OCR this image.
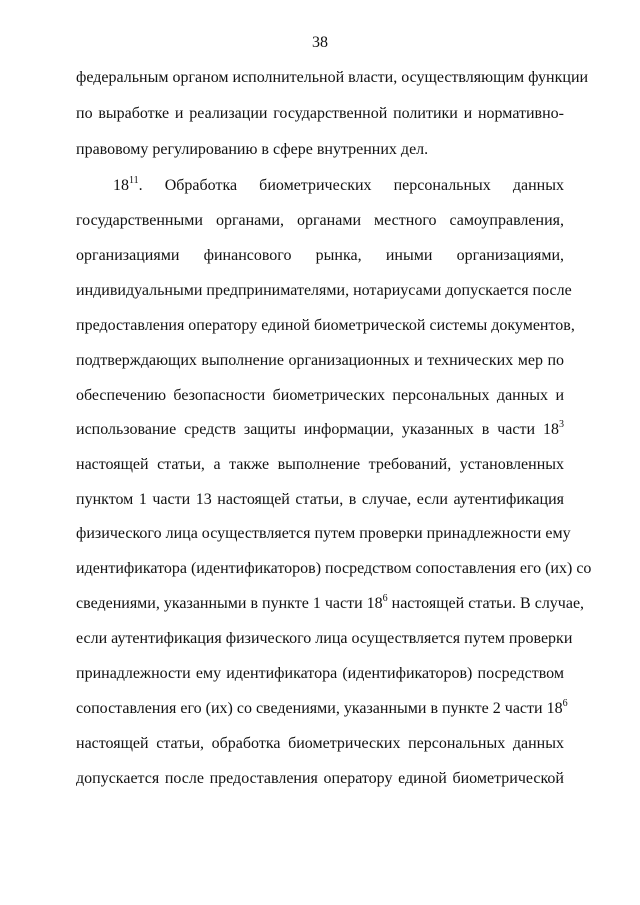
38
федеральным органом исполнительной власти, осуществляющим функции
по выработке и реализации государственной политики и нормативно-
правовому регулированию в сфере внутренних дел.
$18^{11}$. Обработка биометрических персональных данных
государственными органами, органами местного самоуправления,
организациями финансового рынка, иными организациями,
индивидуальными предпринимателями, нотариусами допускается после
предоставления оператору единой биометрической системы документов,
подтверждающих выполнение организационных и технических мер по
обеспечению безопасности биометрических персональных данных и
использование средств защиты информации, указанных в части $18^3$
настоящей статьи, а также выполнение требований, установленных
пунктом 1 части 13 настоящей статьи, в случае, если аутентификация
физического лица осуществляется путем проверки принадлежности ему
идентификатора (идентификаторов) посредством сопоставления его (их) со
сведениями, указанными в пункте 1 части $18^6$ настоящей статьи. В случае,
если аутентификация физического лица осуществляется путем проверки
принадлежности ему идентификатора (идентификаторов) посредством
сопоставления его (их) со сведениями, указанными в пункте 2 части $18^6$
настоящей статьи, обработка биометрических персональных данных
допускается после предоставления оператору единой биометрической
